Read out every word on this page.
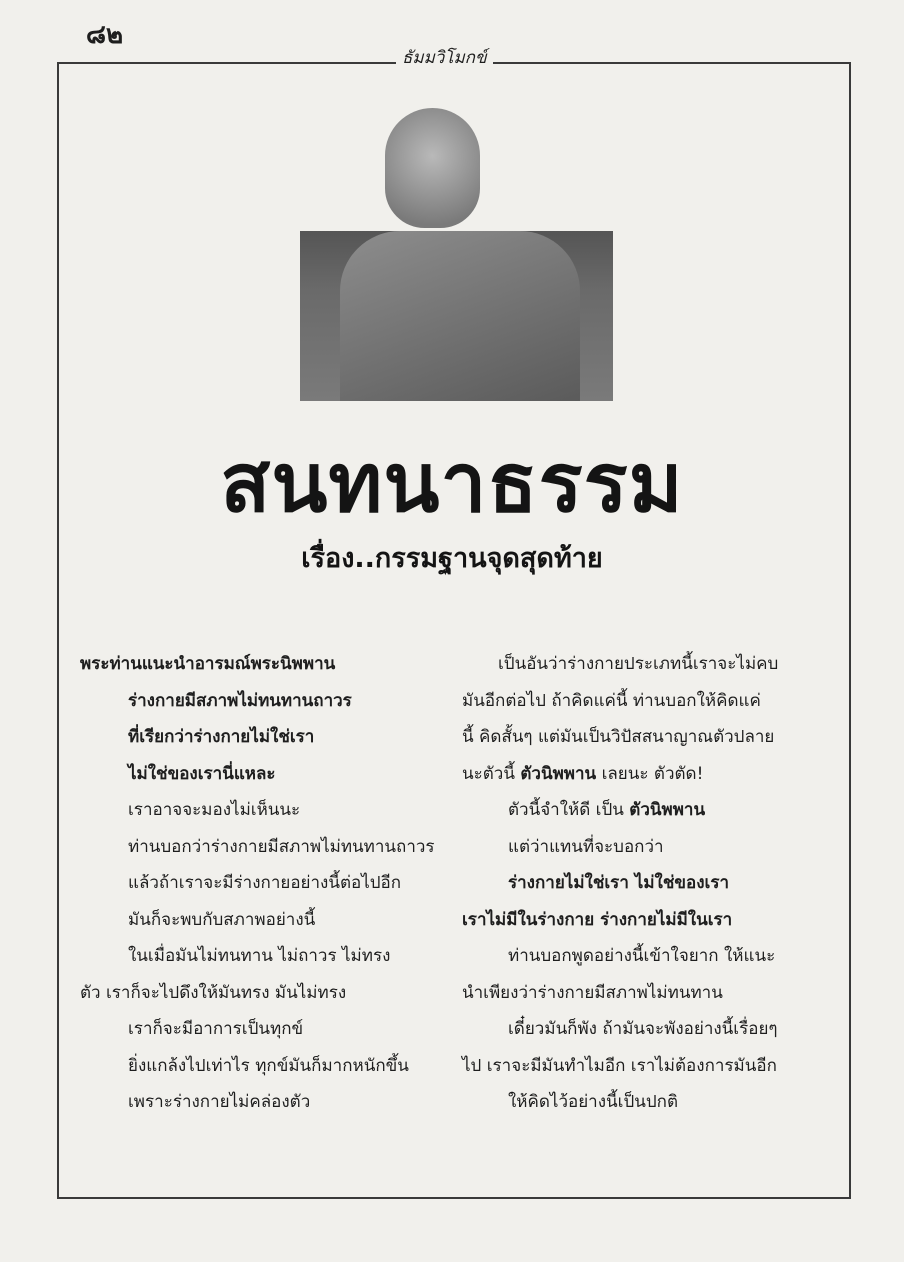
๘๒
ธัมมวิโมกข์
สนทนาธรรม
เรื่อง..กรรมฐานจุดสุดท้าย
พระท่านแนะนำอารมณ์พระนิพพาน
ร่างกายมีสภาพไม่ทนทานถาวร
ที่เรียกว่าร่างกายไม่ใช่เรา
ไม่ใช่ของเรานี่แหละ
เราอาจจะมองไม่เห็นนะ
ท่านบอกว่าร่างกายมีสภาพไม่ทนทานถาวร
แล้วถ้าเราจะมีร่างกายอย่างนี้ต่อไปอีก
มันก็จะพบกับสภาพอย่างนี้
ในเมื่อมันไม่ทนทาน ไม่ถาวร ไม่ทรง
ตัว เราก็จะไปดึงให้มันทรง มันไม่ทรง
เราก็จะมีอาการเป็นทุกข์
ยิ่งแกล้งไปเท่าไร ทุกข์มันก็มากหนักขึ้น
เพราะร่างกายไม่คล่องตัว
เป็นอันว่าร่างกายประเภทนี้เราจะไม่คบ
มันอีกต่อไป ถ้าคิดแค่นี้ ท่านบอกให้คิดแค่
นี้ คิดสั้นๆ แต่มันเป็นวิปัสสนาญาณตัวปลาย
นะตัวนี้ ตัวนิพพาน เลยนะ ตัวตัด!
ตัวนี้จำให้ดี เป็น ตัวนิพพาน
แต่ว่าแทนที่จะบอกว่า
ร่างกายไม่ใช่เรา ไม่ใช่ของเรา
เราไม่มีในร่างกาย ร่างกายไม่มีในเรา
ท่านบอกพูดอย่างนี้เข้าใจยาก ให้แนะ
นำเพียงว่าร่างกายมีสภาพไม่ทนทาน
เดี๋ยวมันก็พัง ถ้ามันจะพังอย่างนี้เรื่อยๆ
ไป เราจะมีมันทำไมอีก เราไม่ต้องการมันอีก
ให้คิดไว้อย่างนี้เป็นปกติ
